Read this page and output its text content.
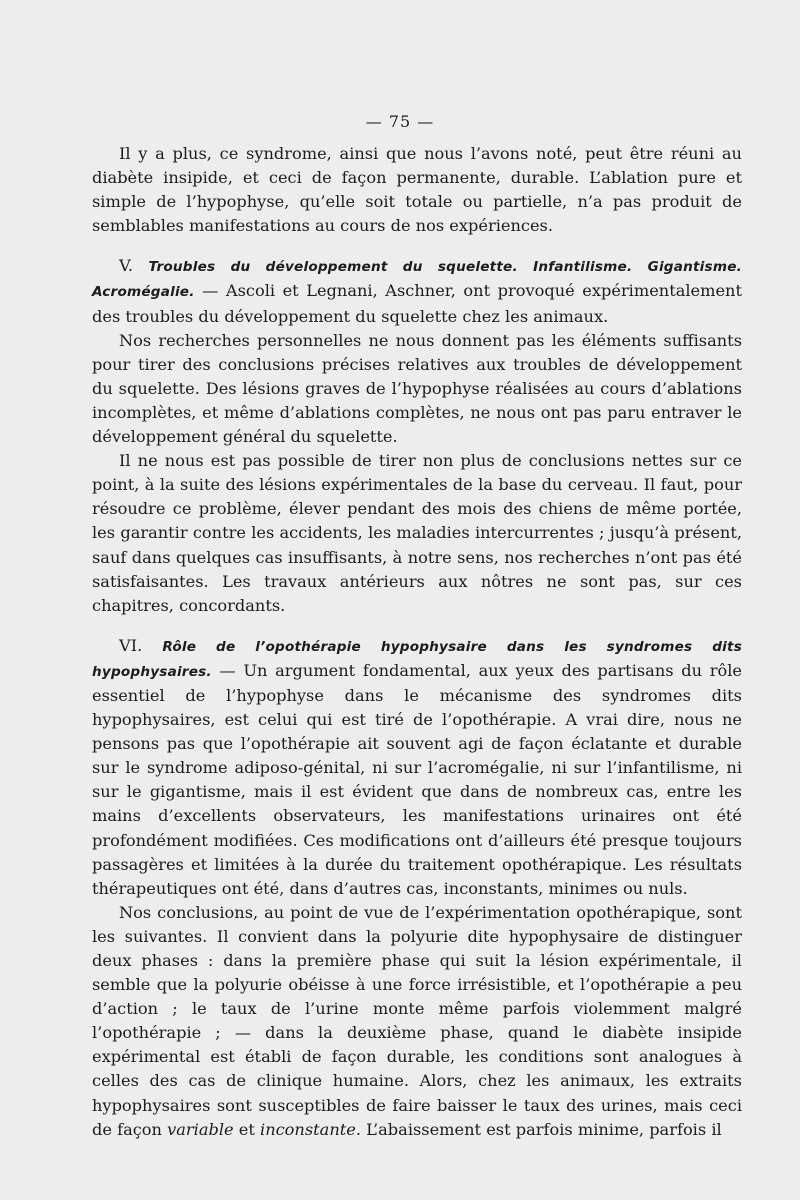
— 75 —

Il y a plus, ce syndrome, ainsi que nous l’avons noté, peut être réuni au diabète insipide, et ceci de façon permanente, durable. L’ablation pure et simple de l’hypophyse, qu’elle soit totale ou partielle, n’a pas produit de semblables manifestations au cours de nos expériences.

V. Troubles du développement du squelette. Infantilisme. Gigantisme. Acromégalie. — Ascoli et Legnani, Aschner, ont provoqué expérimentalement des troubles du développement du squelette chez les animaux.

Nos recherches personnelles ne nous donnent pas les éléments suffisants pour tirer des conclusions précises relatives aux troubles de développement du squelette. Des lésions graves de l’hypophyse réalisées au cours d’ablations incomplètes, et même d’ablations complètes, ne nous ont pas paru entraver le développement général du squelette.

Il ne nous est pas possible de tirer non plus de conclusions nettes sur ce point, à la suite des lésions expérimentales de la base du cerveau. Il faut, pour résoudre ce problème, élever pendant des mois des chiens de même portée, les garantir contre les accidents, les maladies intercurrentes ; jusqu’à présent, sauf dans quelques cas insuffisants, à notre sens, nos recherches n’ont pas été satisfaisantes. Les travaux antérieurs aux nôtres ne sont pas, sur ces chapitres, concordants.

VI. Rôle de l’opothérapie hypophysaire dans les syndromes dits hypophysaires. — Un argument fondamental, aux yeux des partisans du rôle essentiel de l’hypophyse dans le mécanisme des syndromes dits hypophysaires, est celui qui est tiré de l’opothérapie. A vrai dire, nous ne pensons pas que l’opothérapie ait souvent agi de façon éclatante et durable sur le syndrome adiposo-génital, ni sur l’acromégalie, ni sur l’infantilisme, ni sur le gigantisme, mais il est évident que dans de nombreux cas, entre les mains d’excellents observateurs, les manifestations urinaires ont été profondément modifiées. Ces modifications ont d’ailleurs été presque toujours passagères et limitées à la durée du traitement opothérapique. Les résultats thérapeutiques ont été, dans d’autres cas, inconstants, minimes ou nuls.

Nos conclusions, au point de vue de l’expérimentation opothérapique, sont les suivantes. Il convient dans la polyurie dite hypophysaire de distinguer deux phases : dans la première phase qui suit la lésion expérimentale, il semble que la polyurie obéisse à une force irrésistible, et l’opothérapie a peu d’action ; le taux de l’urine monte même parfois violemment malgré l’opothérapie ; — dans la deuxième phase, quand le diabète insipide expérimental est établi de façon durable, les conditions sont analogues à celles des cas de clinique humaine. Alors, chez les animaux, les extraits hypophysaires sont susceptibles de faire baisser le taux des urines, mais ceci de façon variable et inconstante. L’abaissement est parfois minime, parfois il
